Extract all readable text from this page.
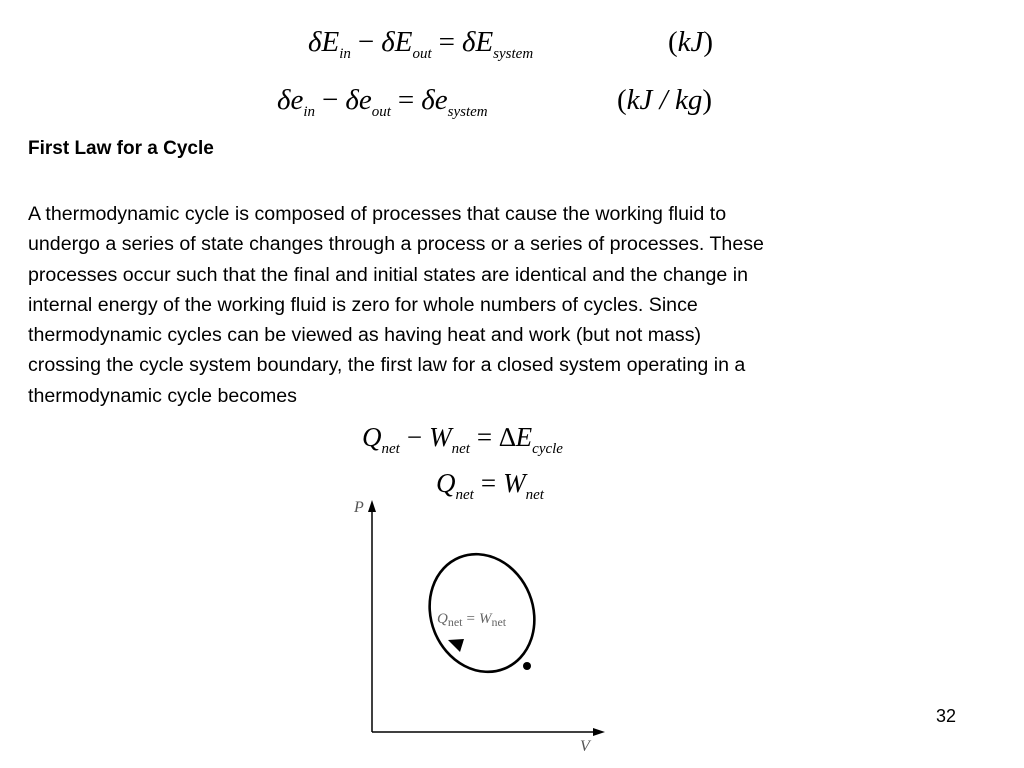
$\delta E_{in} - \delta E_{out} = \delta E_{system}$	(kJ)
$\delta e_{in} - \delta e_{out} = \delta e_{system}$	(kJ / kg)
First Law for a Cycle

A thermodynamic cycle is composed of processes that cause the working fluid to
undergo a series of state changes through a process or a series of processes. These
processes occur such that the final and initial states are identical and the change in
internal energy of the working fluid is zero for whole numbers of cycles. Since
thermodynamic cycles can be viewed as having heat and work (but not mass)
crossing the cycle system boundary, the first law for a closed system operating in a
thermodynamic cycle becomes

$Q_{net} - W_{net} = \Delta E_{cycle}$
$Q_{net} = W_{net}$
P
V
$Q_{net} = W_{net}$
32
